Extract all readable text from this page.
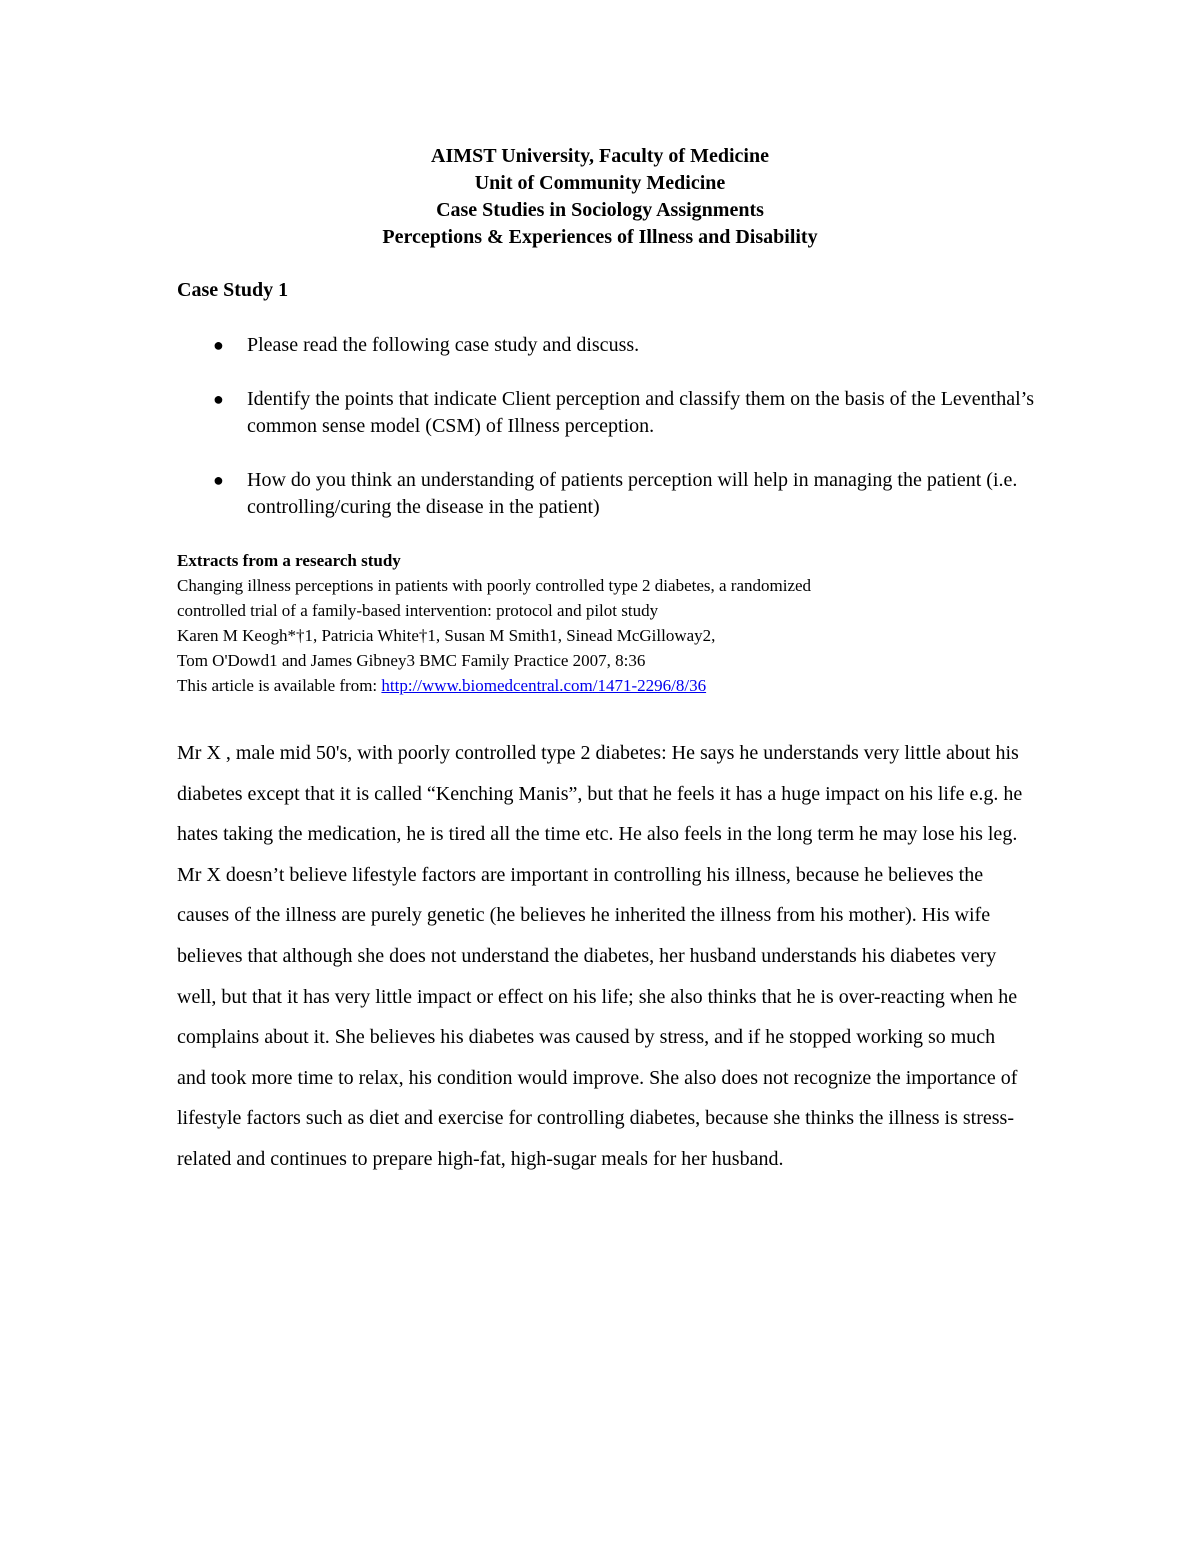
AIMST University, Faculty of Medicine
Unit of Community Medicine
Case Studies in Sociology Assignments
Perceptions & Experiences of Illness and Disability
Case Study 1
● Please read the following case study and discuss.
● Identify the points that indicate Client perception and classify them on the basis of the Leventhal’s common sense model (CSM) of Illness perception.
● How do you think an understanding of patients perception will help in managing the patient (i.e. controlling/curing the disease in the patient)
Extracts from a research study
Changing illness perceptions in patients with poorly controlled type 2 diabetes, a randomized
controlled trial of a family-based intervention: protocol and pilot study
Karen M Keogh*†1, Patricia White†1, Susan M Smith1, Sinead McGilloway2,
Tom O'Dowd1 and James Gibney3 BMC Family Practice 2007, 8:36
This article is available from: http://www.biomedcentral.com/1471-2296/8/36
Mr X , male mid 50's, with poorly controlled type 2 diabetes: He says he understands very little about his diabetes except that it is called “Kenching Manis”, but that he feels it has a huge impact on his life e.g. he hates taking the medication, he is tired all the time etc. He also feels in the long term he may lose his leg. Mr X doesn’t believe lifestyle factors are important in controlling his illness, because he believes the causes of the illness are purely genetic (he believes he inherited the illness from his mother). His wife believes that although she does not understand the diabetes, her husband understands his diabetes very well, but that it has very little impact or effect on his life; she also thinks that he is over-reacting when he complains about it. She believes his diabetes was caused by stress, and if he stopped working so much and took more time to relax, his condition would improve. She also does not recognize the importance of lifestyle factors such as diet and exercise for controlling diabetes, because she thinks the illness is stress-related and continues to prepare high-fat, high-sugar meals for her husband.
